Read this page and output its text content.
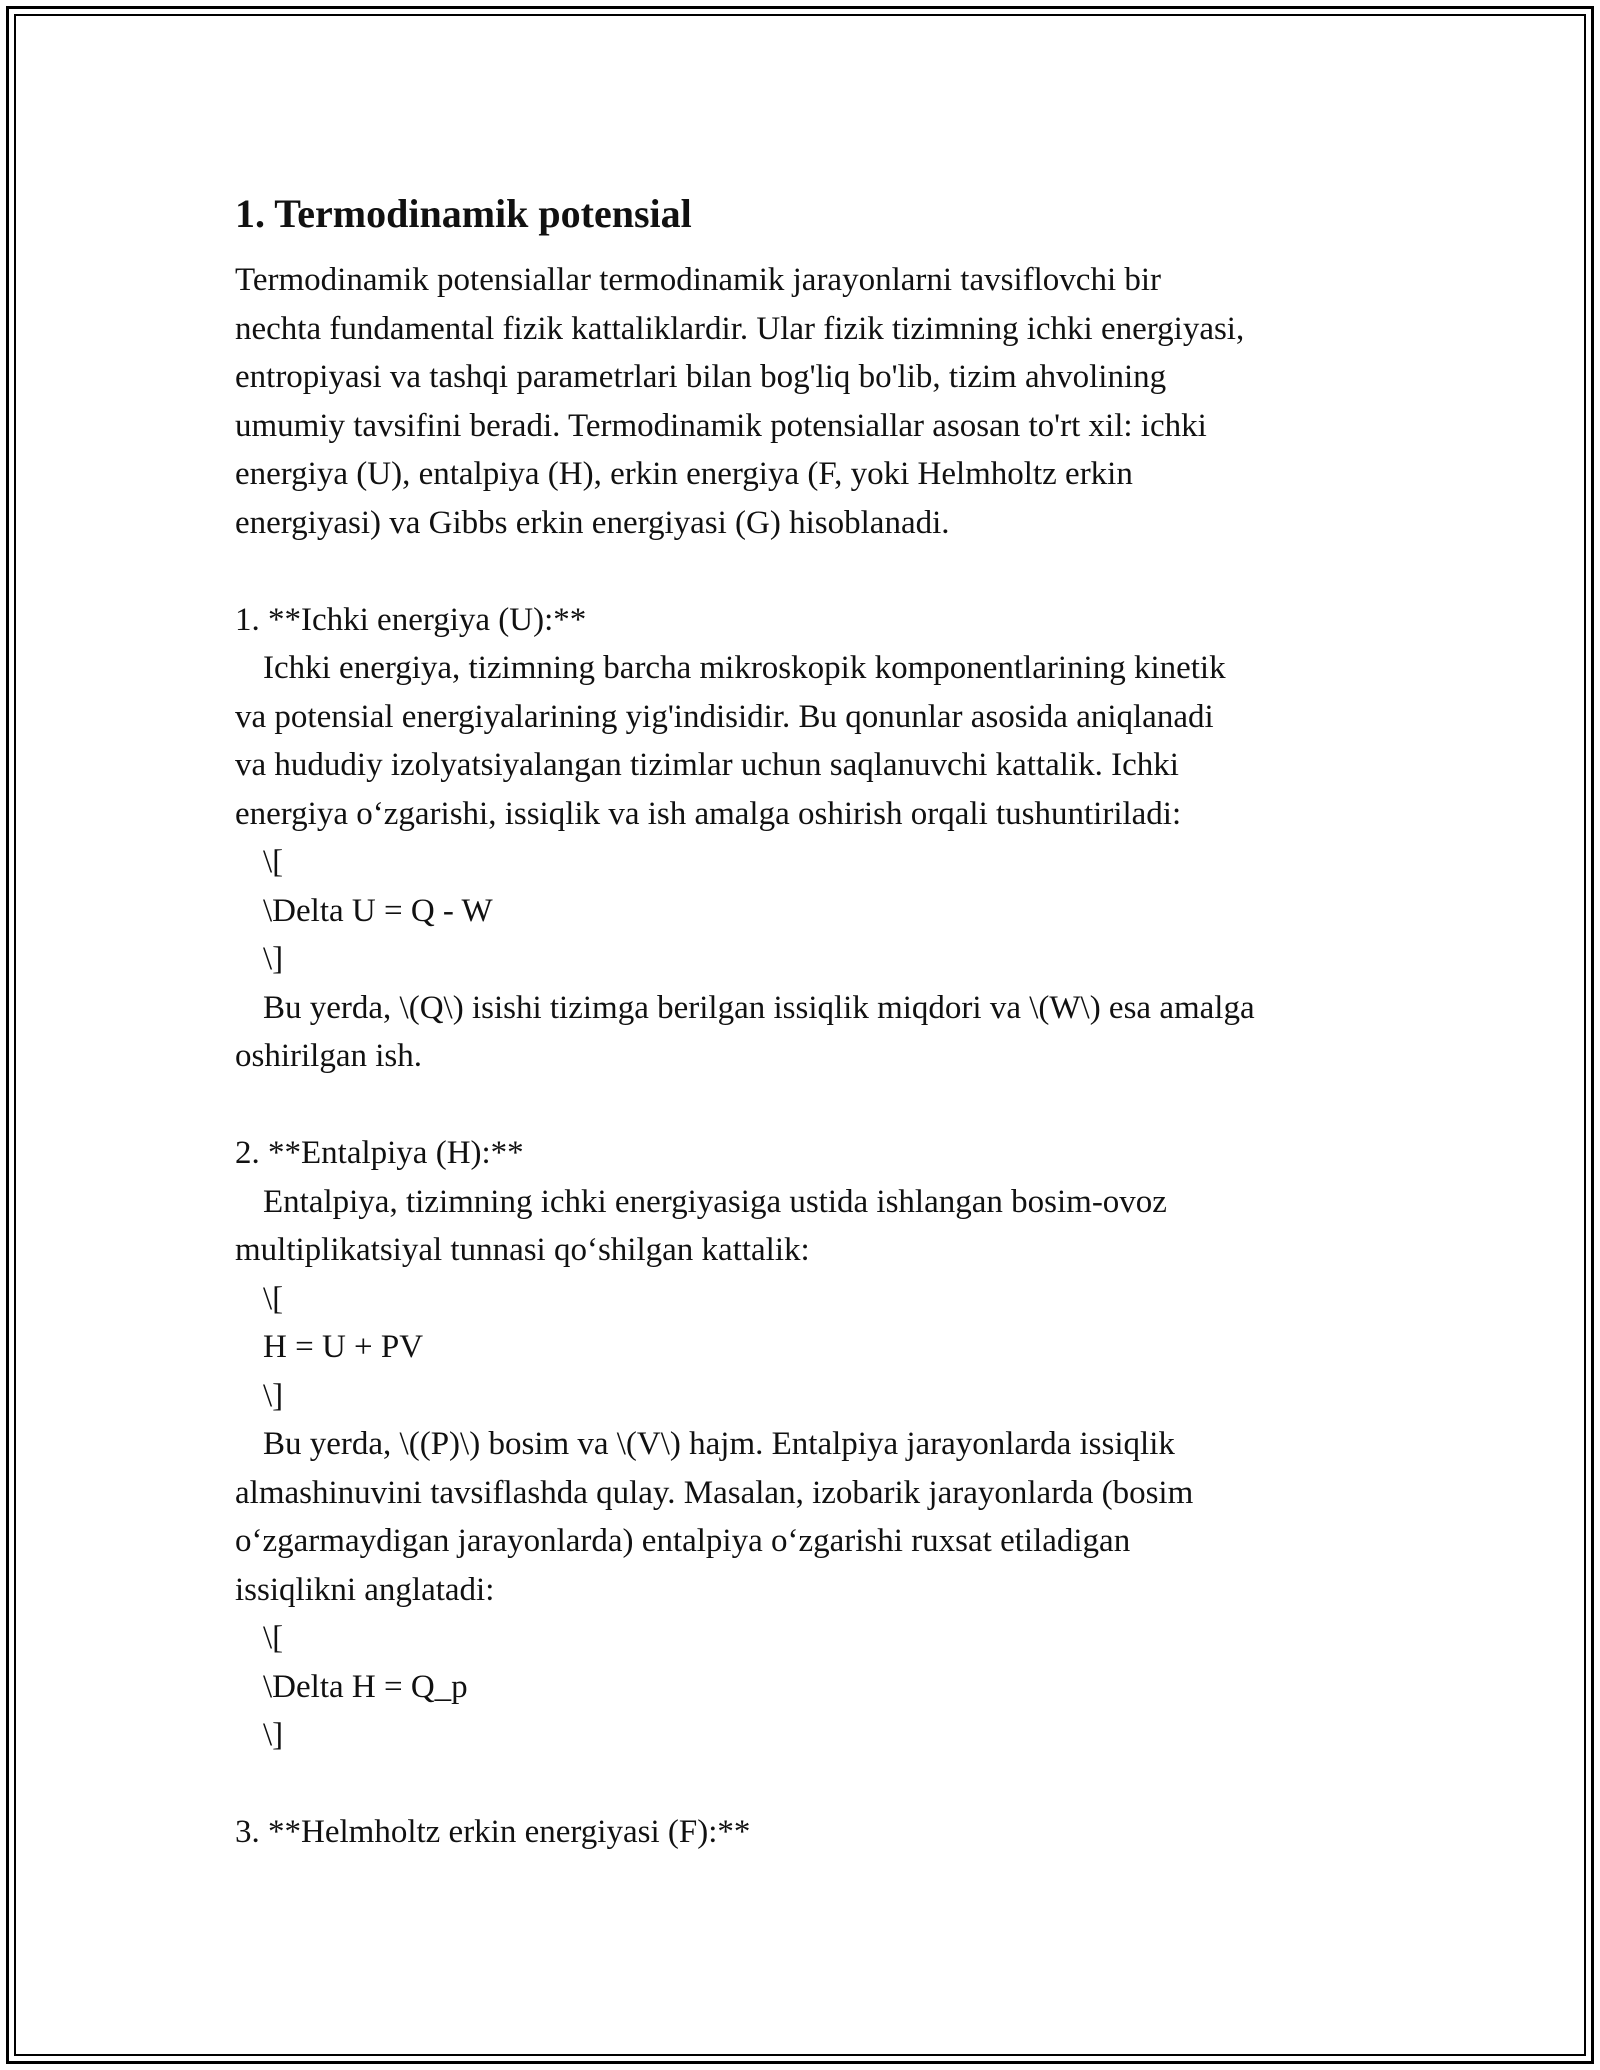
1. Termodinamik potensial
Termodinamik potensiallar termodinamik jarayonlarni tavsiflovchi bir
nechta fundamental fizik kattaliklardir. Ular fizik tizimning ichki energiyasi,
entropiyasi va tashqi parametrlari bilan bog'liq bo'lib, tizim ahvolining
umumiy tavsifini beradi. Termodinamik potensiallar asosan to'rt xil: ichki
energiya (U), entalpiya (H), erkin energiya (F, yoki Helmholtz erkin
energiyasi) va Gibbs erkin energiyasi (G) hisoblanadi.
1. **Ichki energiya (U):**
Ichki energiya, tizimning barcha mikroskopik komponentlarining kinetik
va potensial energiyalarining yig'indisidir. Bu qonunlar asosida aniqlanadi
va hududiy izolyatsiyalangan tizimlar uchun saqlanuvchi kattalik. Ichki
energiya o‘zgarishi, issiqlik va ish amalga oshirish orqali tushuntiriladi:
\[
\Delta U = Q - W
\]
Bu yerda, \(Q\) isishi tizimga berilgan issiqlik miqdori va \(W\) esa amalga
oshirilgan ish.
2. **Entalpiya (H):**
Entalpiya, tizimning ichki energiyasiga ustida ishlangan bosim-ovoz
multiplikatsiyal tunnasi qo‘shilgan kattalik:
\[
H = U + PV
\]
Bu yerda, \((P)\) bosim va \(V\) hajm. Entalpiya jarayonlarda issiqlik
almashinuvini tavsiflashda qulay. Masalan, izobarik jarayonlarda (bosim
o‘zgarmaydigan jarayonlarda) entalpiya o‘zgarishi ruxsat etiladigan
issiqlikni anglatadi:
\[
\Delta H = Q_p
\]
3. **Helmholtz erkin energiyasi (F):**
